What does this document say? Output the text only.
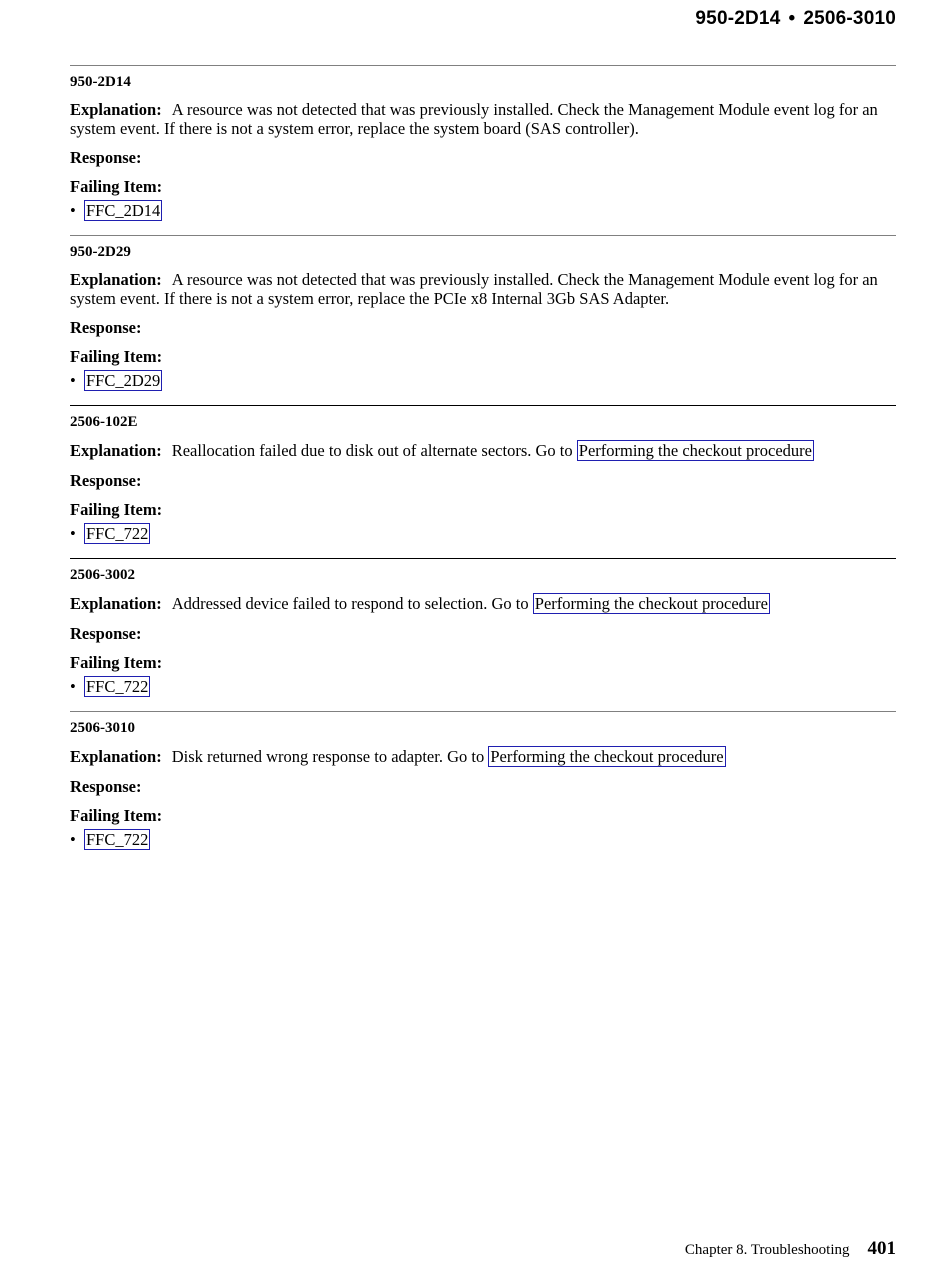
950-2D14 • 2506-3010
950-2D14
Explanation: A resource was not detected that was previously installed. Check the Management Module event log for an system event. If there is not a system error, replace the system board (SAS controller).
Response:
Failing Item:
• FFC_2D14
950-2D29
Explanation: A resource was not detected that was previously installed. Check the Management Module event log for an system event. If there is not a system error, replace the PCIe x8 Internal 3Gb SAS Adapter.
Response:
Failing Item:
• FFC_2D29
2506-102E
Explanation: Reallocation failed due to disk out of alternate sectors. Go to Performing the checkout procedure
Response:
Failing Item:
• FFC_722
2506-3002
Explanation: Addressed device failed to respond to selection. Go to Performing the checkout procedure
Response:
Failing Item:
• FFC_722
2506-3010
Explanation: Disk returned wrong response to adapter. Go to Performing the checkout procedure
Response:
Failing Item:
• FFC_722
Chapter 8. Troubleshooting 401
